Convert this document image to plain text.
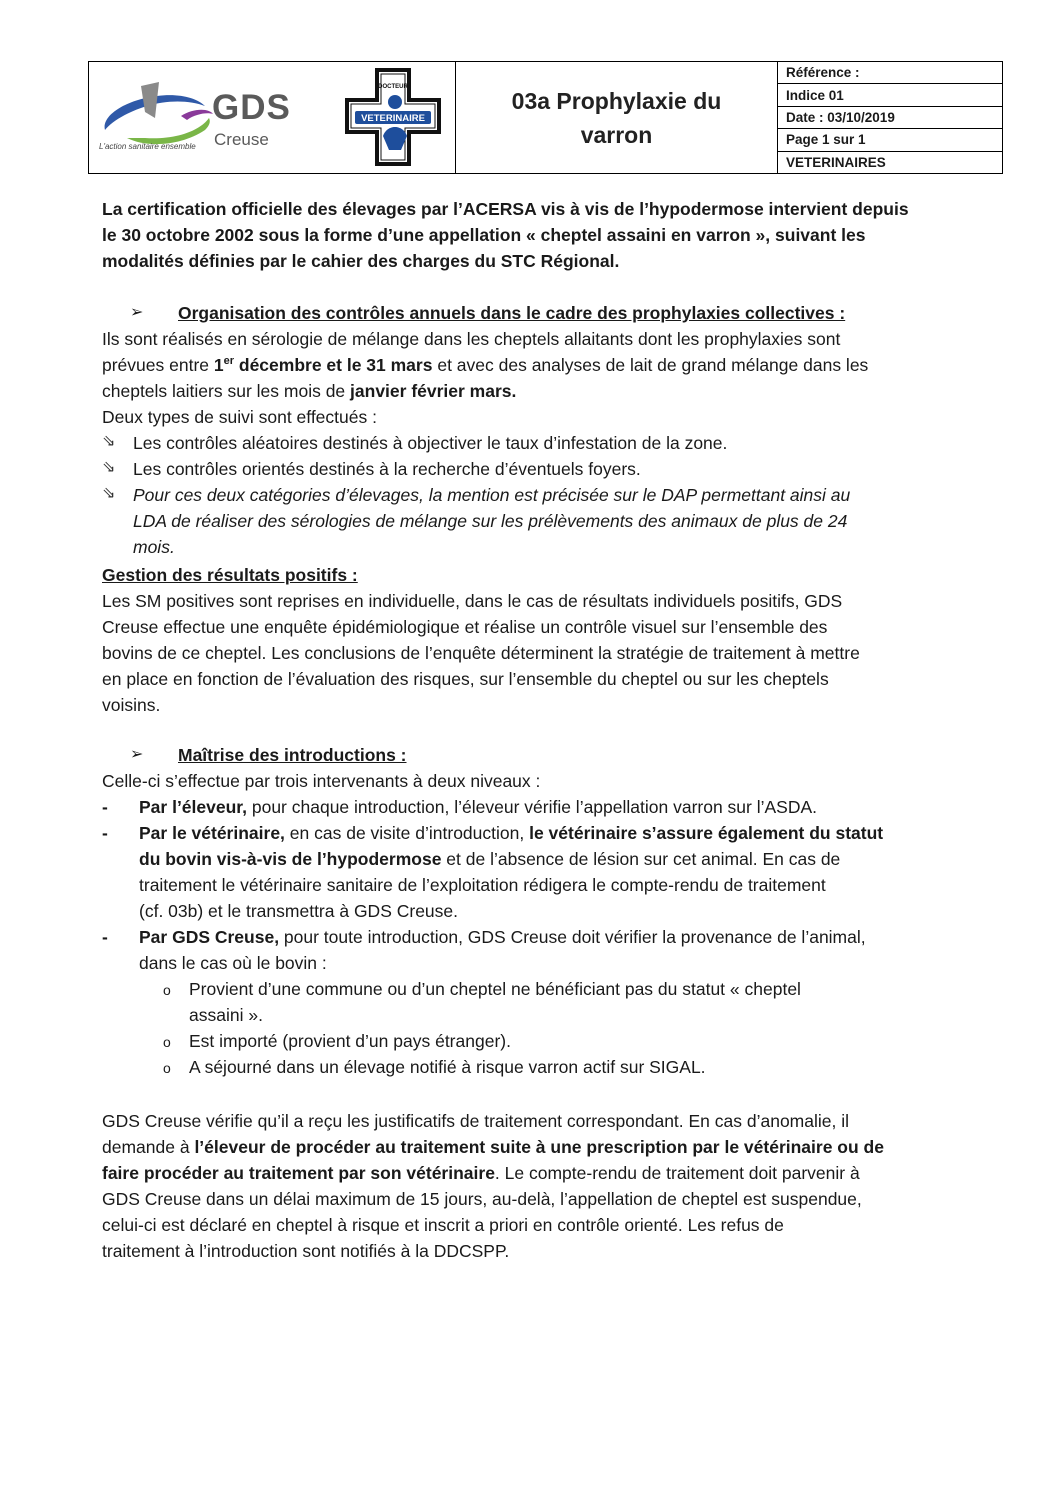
GDS
Creuse
L'action sanitaire ensemble
VETERINAIRE
DOCTEUR
03a Prophylaxie du
varron
Référence :
Indice 01
Date : 03/10/2019
Page 1 sur 1
VETERINAIRES
La certification officielle des élevages par l’ACERSA vis à vis de l’hypodermose intervient depuis
le 30 octobre 2002 sous la forme d’une appellation « cheptel assaini en varron », suivant les
modalités définies par le cahier des charges du STC Régional.
➢	Organisation des contrôles annuels dans le cadre des prophylaxies collectives :
Ils sont réalisés en sérologie de mélange dans les cheptels allaitants dont les prophylaxies sont
prévues entre 1er décembre et le 31 mars et avec des analyses de lait de grand mélange dans les
cheptels laitiers sur les mois de janvier février mars.
Deux types de suivi sont effectués :
⇘	Les contrôles aléatoires destinés à objectiver le taux d’infestation de la zone.
⇘	Les contrôles orientés destinés à la recherche d’éventuels foyers.
⇘	Pour ces deux catégories d’élevages, la mention est précisée sur le DAP permettant ainsi au
LDA de réaliser des sérologies de mélange sur les prélèvements des animaux de plus de 24
mois.
Gestion des résultats positifs :
Les SM positives sont reprises en individuelle, dans le cas de résultats individuels positifs, GDS
Creuse effectue une enquête épidémiologique et réalise un contrôle visuel sur l’ensemble des
bovins de ce cheptel. Les conclusions de l’enquête déterminent la stratégie de traitement à mettre
en place en fonction de l’évaluation des risques, sur l’ensemble du cheptel ou sur les cheptels
voisins.
➢	Maîtrise des introductions :
Celle-ci s’effectue par trois intervenants à deux niveaux :
- Par l’éleveur, pour chaque introduction, l’éleveur vérifie l’appellation varron sur l’ASDA.
- Par le vétérinaire, en cas de visite d’introduction, le vétérinaire s’assure également du statut
du bovin vis-à-vis de l’hypodermose et de l’absence de lésion sur cet animal. En cas de
traitement le vétérinaire sanitaire de l’exploitation rédigera le compte-rendu de traitement
(cf. 03b) et le transmettra à GDS Creuse.
- Par GDS Creuse, pour toute introduction, GDS Creuse doit vérifier la provenance de l’animal,
dans le cas où le bovin :
o Provient d’une commune ou d’un cheptel ne bénéficiant pas du statut « cheptel
assaini ».
o Est importé (provient d’un pays étranger).
o A séjourné dans un élevage notifié à risque varron actif sur SIGAL.
GDS Creuse vérifie qu’il a reçu les justificatifs de traitement correspondant. En cas d’anomalie, il
demande à l’éleveur de procéder au traitement suite à une prescription par le vétérinaire ou de
faire procéder au traitement par son vétérinaire. Le compte-rendu de traitement doit parvenir à
GDS Creuse dans un délai maximum de 15 jours, au-delà, l’appellation de cheptel est suspendue,
celui-ci est déclaré en cheptel à risque et inscrit a priori en contrôle orienté. Les refus de
traitement à l’introduction sont notifiés à la DDCSPP.
